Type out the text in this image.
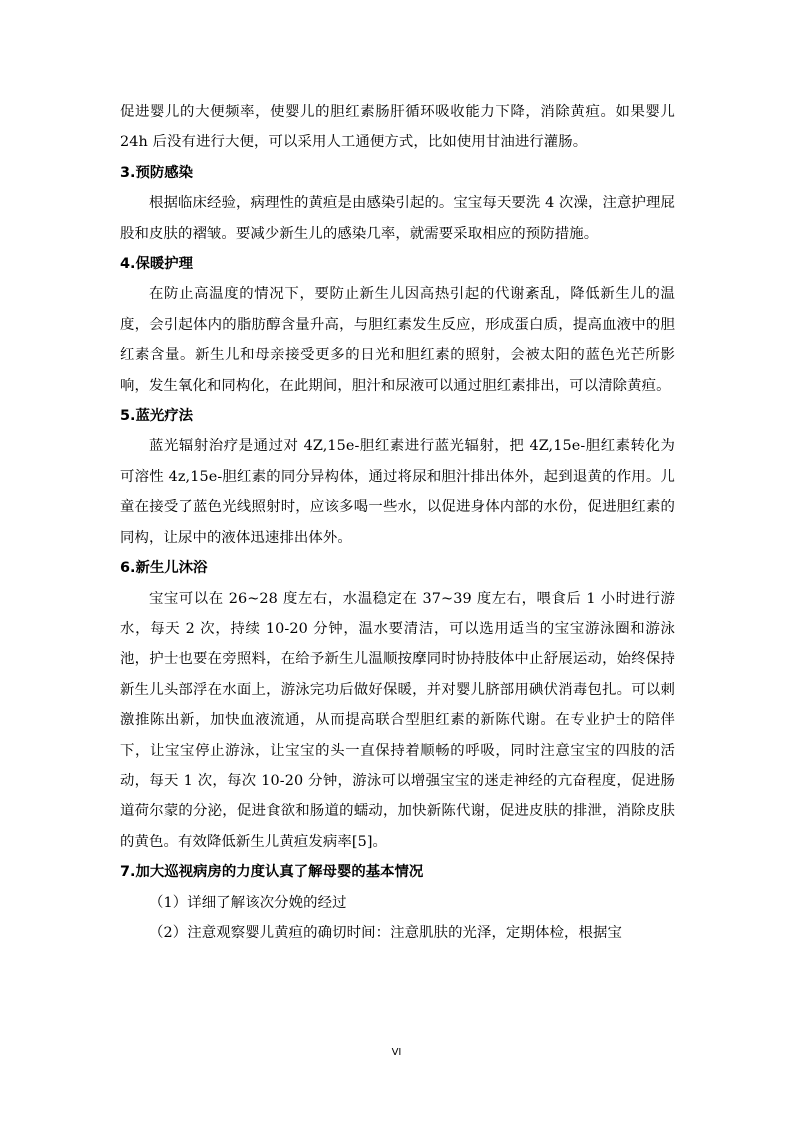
促进婴儿的大便频率，使婴儿的胆红素肠肝循环吸收能力下降，消除黄疸。如果婴儿 24h 后没有进行大便，可以采用人工通便方式，比如使用甘油进行灌肠。

3.预防感染

根据临床经验，病理性的黄疸是由感染引起的。宝宝每天要洗 4 次澡，注意护理屁股和皮肤的褶皱。要减少新生儿的感染几率，就需要采取相应的预防措施。

4.保暖护理

在防止高温度的情况下，要防止新生儿因高热引起的代谢紊乱，降低新生儿的温度，会引起体内的脂肪醇含量升高，与胆红素发生反应，形成蛋白质，提高血液中的胆红素含量。新生儿和母亲接受更多的日光和胆红素的照射，会被太阳的蓝色光芒所影响，发生氧化和同构化，在此期间，胆汁和尿液可以通过胆红素排出，可以清除黄疸。

5.蓝光疗法

蓝光辐射治疗是通过对 4Z,15e-胆红素进行蓝光辐射，把 4Z,15e-胆红素转化为可溶性 4z,15e-胆红素的同分异构体，通过将尿和胆汁排出体外，起到退黄的作用。儿童在接受了蓝色光线照射时，应该多喝一些水，以促进身体内部的水份，促进胆红素的同构，让尿中的液体迅速排出体外。

6.新生儿沐浴

宝宝可以在 26~28 度左右，水温稳定在 37~39 度左右，喂食后 1 小时进行游水，每天 2 次，持续 10-20 分钟，温水要清洁，可以选用适当的宝宝游泳圈和游泳池，护士也要在旁照料，在给予新生儿温顺按摩同时协持肢体中止舒展运动，始终保持新生儿头部浮在水面上，游泳完功后做好保暖，并对婴儿脐部用碘伏消毒包扎。可以刺激推陈出新，加快血液流通，从而提高联合型胆红素的新陈代谢。在专业护士的陪伴下，让宝宝停止游泳，让宝宝的头一直保持着顺畅的呼吸，同时注意宝宝的四肢的活动，每天 1 次，每次 10-20 分钟，游泳可以增强宝宝的迷走神经的亢奋程度，促进肠道荷尔蒙的分泌，促进食欲和肠道的蠕动，加快新陈代谢，促进皮肤的排泄，消除皮肤的黄色。有效降低新生儿黄疸发病率[5]。

7.加大巡视病房的力度认真了解母婴的基本情况

（1）详细了解该次分娩的经过

（2）注意观察婴儿黄疸的确切时间：注意肌肤的光泽，定期体检，根据宝

VI
